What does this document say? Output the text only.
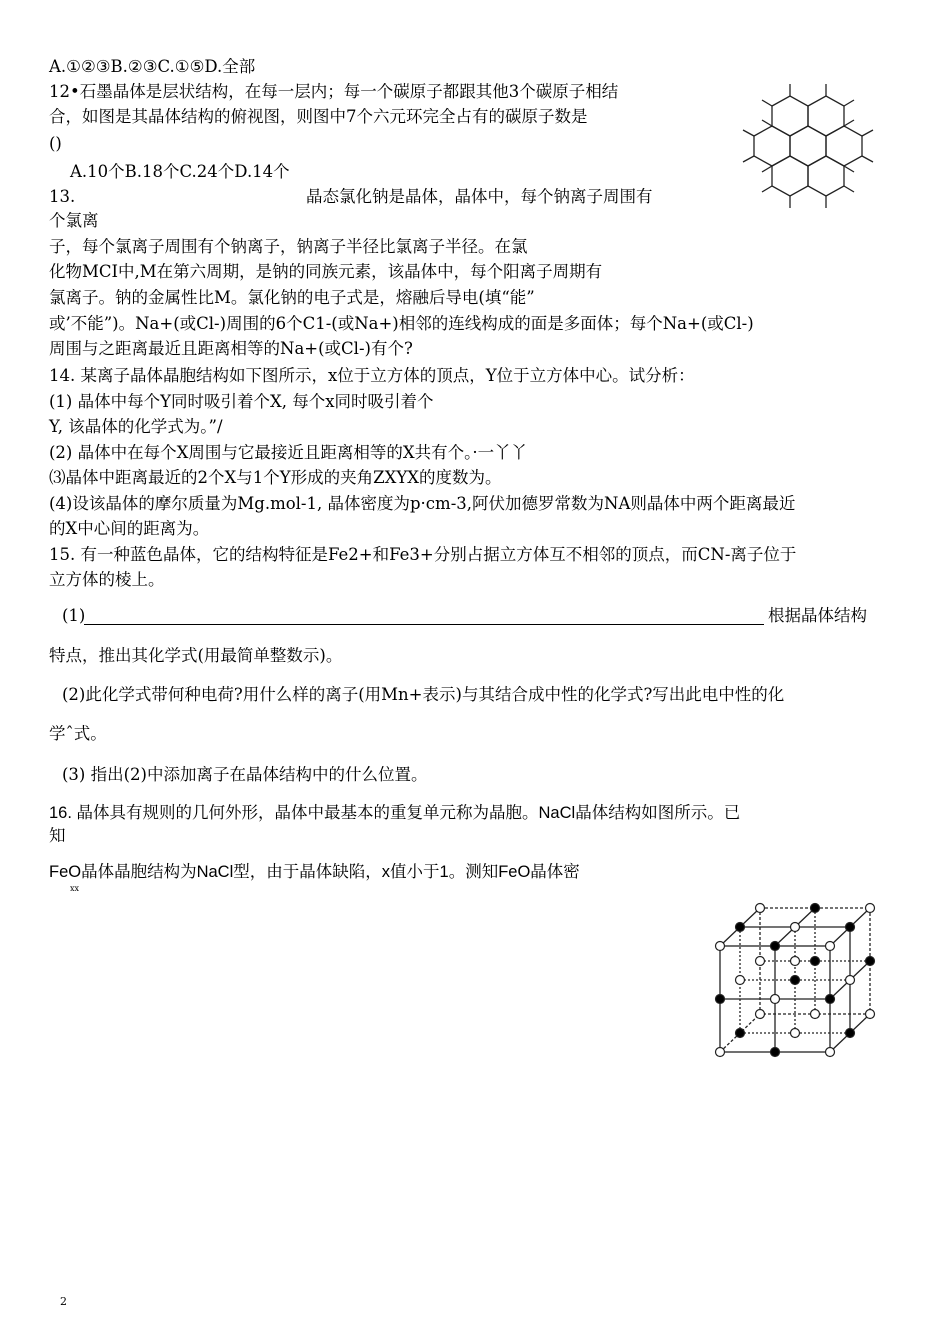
A.①②③B.②③C.①⑤D.全部
12•石墨晶体是层状结构，在每一层内；每一个碳原子都跟其他3个碳原子相结
合，如图是其晶体结构的俯视图，则图中7个六元环完全占有的碳原子数是
()
A.10个B.18个C.24个D.14个
13.	晶态氯化钠是晶体，晶体中，每个钠离子周围有
个氯离
子，每个氯离子周围有个钠离子，钠离子半径比氯离子半径。在氯
化物MCI中,M在第六周期，是钠的同族元素，该晶体中，每个阳离子周期有
氯离子。钠的金属性比M。氯化钠的电子式是，熔融后导电(填“能”
或’不能”)。Na+(或Cl-)周围的6个C1-(或Na+)相邻的连线构成的面是多面体；每个Na+(或Cl-)
周围与之距离最近且距离相等的Na+(或Cl-)有个?
14. 某离子晶体晶胞结构如下图所示，x位于立方体的顶点，Y位于立方体中心。试分析：
(1) 晶体中每个Y同时吸引着个X, 每个x同时吸引着个
Y, 该晶体的化学式为。”/
(2) 晶体中在每个X周围与它最接近且距离相等的X共有个。·一丫丫
⑶晶体中距离最近的2个X与1个Y形成的夹角ZXYX的度数为。
(4)设该晶体的摩尔质量为Mg.mol-1, 晶体密度为p·cm-3,阿伏加德罗常数为NA则晶体中两个距离最近
的X中心间的距离为。
15. 有一种蓝色晶体，它的结构特征是Fe2+和Fe3+分别占据立方体互不相邻的顶点，而CN-离子位于
立方体的棱上。
(1)	根据晶体结构
特点，推出其化学式(用最简单整数示)。
(2)此化学式带何种电荷?用什么样的离子(用Mn+表示)与其结合成中性的化学式?写出此电中性的化
学ˆ式。
(3) 指出(2)中添加离子在晶体结构中的什么位置。
16. 晶体具有规则的几何外形，晶体中最基本的重复单元称为晶胞。NaCl晶体结构如图所示。已
知
FeO晶体晶胞结构为NaCl型，由于晶体缺陷，x值小于1。测知FeO晶体密
xx
2
